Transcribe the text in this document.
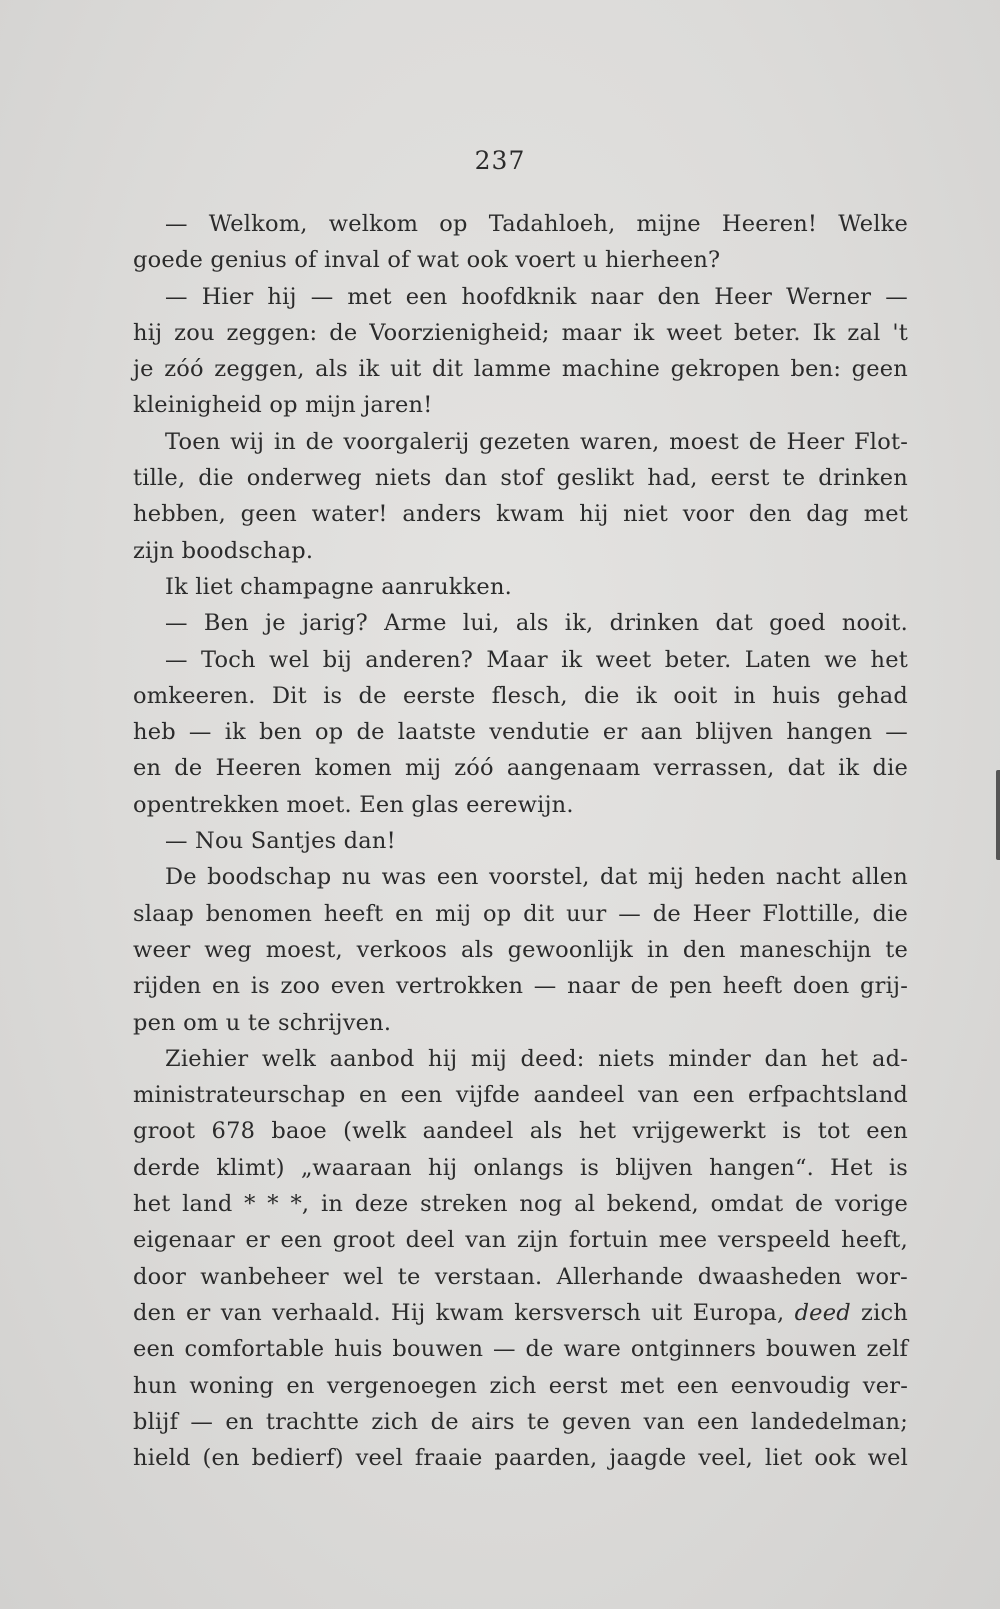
237

— Welkom, welkom op Tadahloeh, mijne Heeren! Welke
goede genius of inval of wat ook voert u hierheen?
— Hier hij — met een hoofdknik naar den Heer Werner —
hij zou zeggen: de Voorzienigheid; maar ik weet beter. Ik zal 't
je zóó zeggen, als ik uit dit lamme machine gekropen ben: geen
kleinigheid op mijn jaren!
Toen wij in de voorgalerij gezeten waren, moest de Heer Flot-
tille, die onderweg niets dan stof geslikt had, eerst te drinken
hebben, geen water! anders kwam hij niet voor den dag met
zijn boodschap.
Ik liet champagne aanrukken.
— Ben je jarig? Arme lui, als ik, drinken dat goed nooit.
— Toch wel bij anderen? Maar ik weet beter. Laten we het
omkeeren. Dit is de eerste flesch, die ik ooit in huis gehad
heb — ik ben op de laatste vendutie er aan blijven hangen —
en de Heeren komen mij zóó aangenaam verrassen, dat ik die
opentrekken moet. Een glas eerewijn.
— Nou Santjes dan!
De boodschap nu was een voorstel, dat mij heden nacht allen
slaap benomen heeft en mij op dit uur — de Heer Flottille, die
weer weg moest, verkoos als gewoonlijk in den maneschijn te
rijden en is zoo even vertrokken — naar de pen heeft doen grij-
pen om u te schrijven.
Ziehier welk aanbod hij mij deed: niets minder dan het ad-
ministrateurschap en een vijfde aandeel van een erfpachtsland
groot 678 baoe (welk aandeel als het vrijgewerkt is tot een
derde klimt) „waaraan hij onlangs is blijven hangen“. Het is
het land * * *, in deze streken nog al bekend, omdat de vorige
eigenaar er een groot deel van zijn fortuin mee verspeeld heeft,
door wanbeheer wel te verstaan. Allerhande dwaasheden wor-
den er van verhaald. Hij kwam kersversch uit Europa, deed zich
een comfortable huis bouwen — de ware ontginners bouwen zelf
hun woning en vergenoegen zich eerst met een eenvoudig ver-
blijf — en trachtte zich de airs te geven van een landedelman;
hield (en bedierf) veel fraaie paarden, jaagde veel, liet ook wel
